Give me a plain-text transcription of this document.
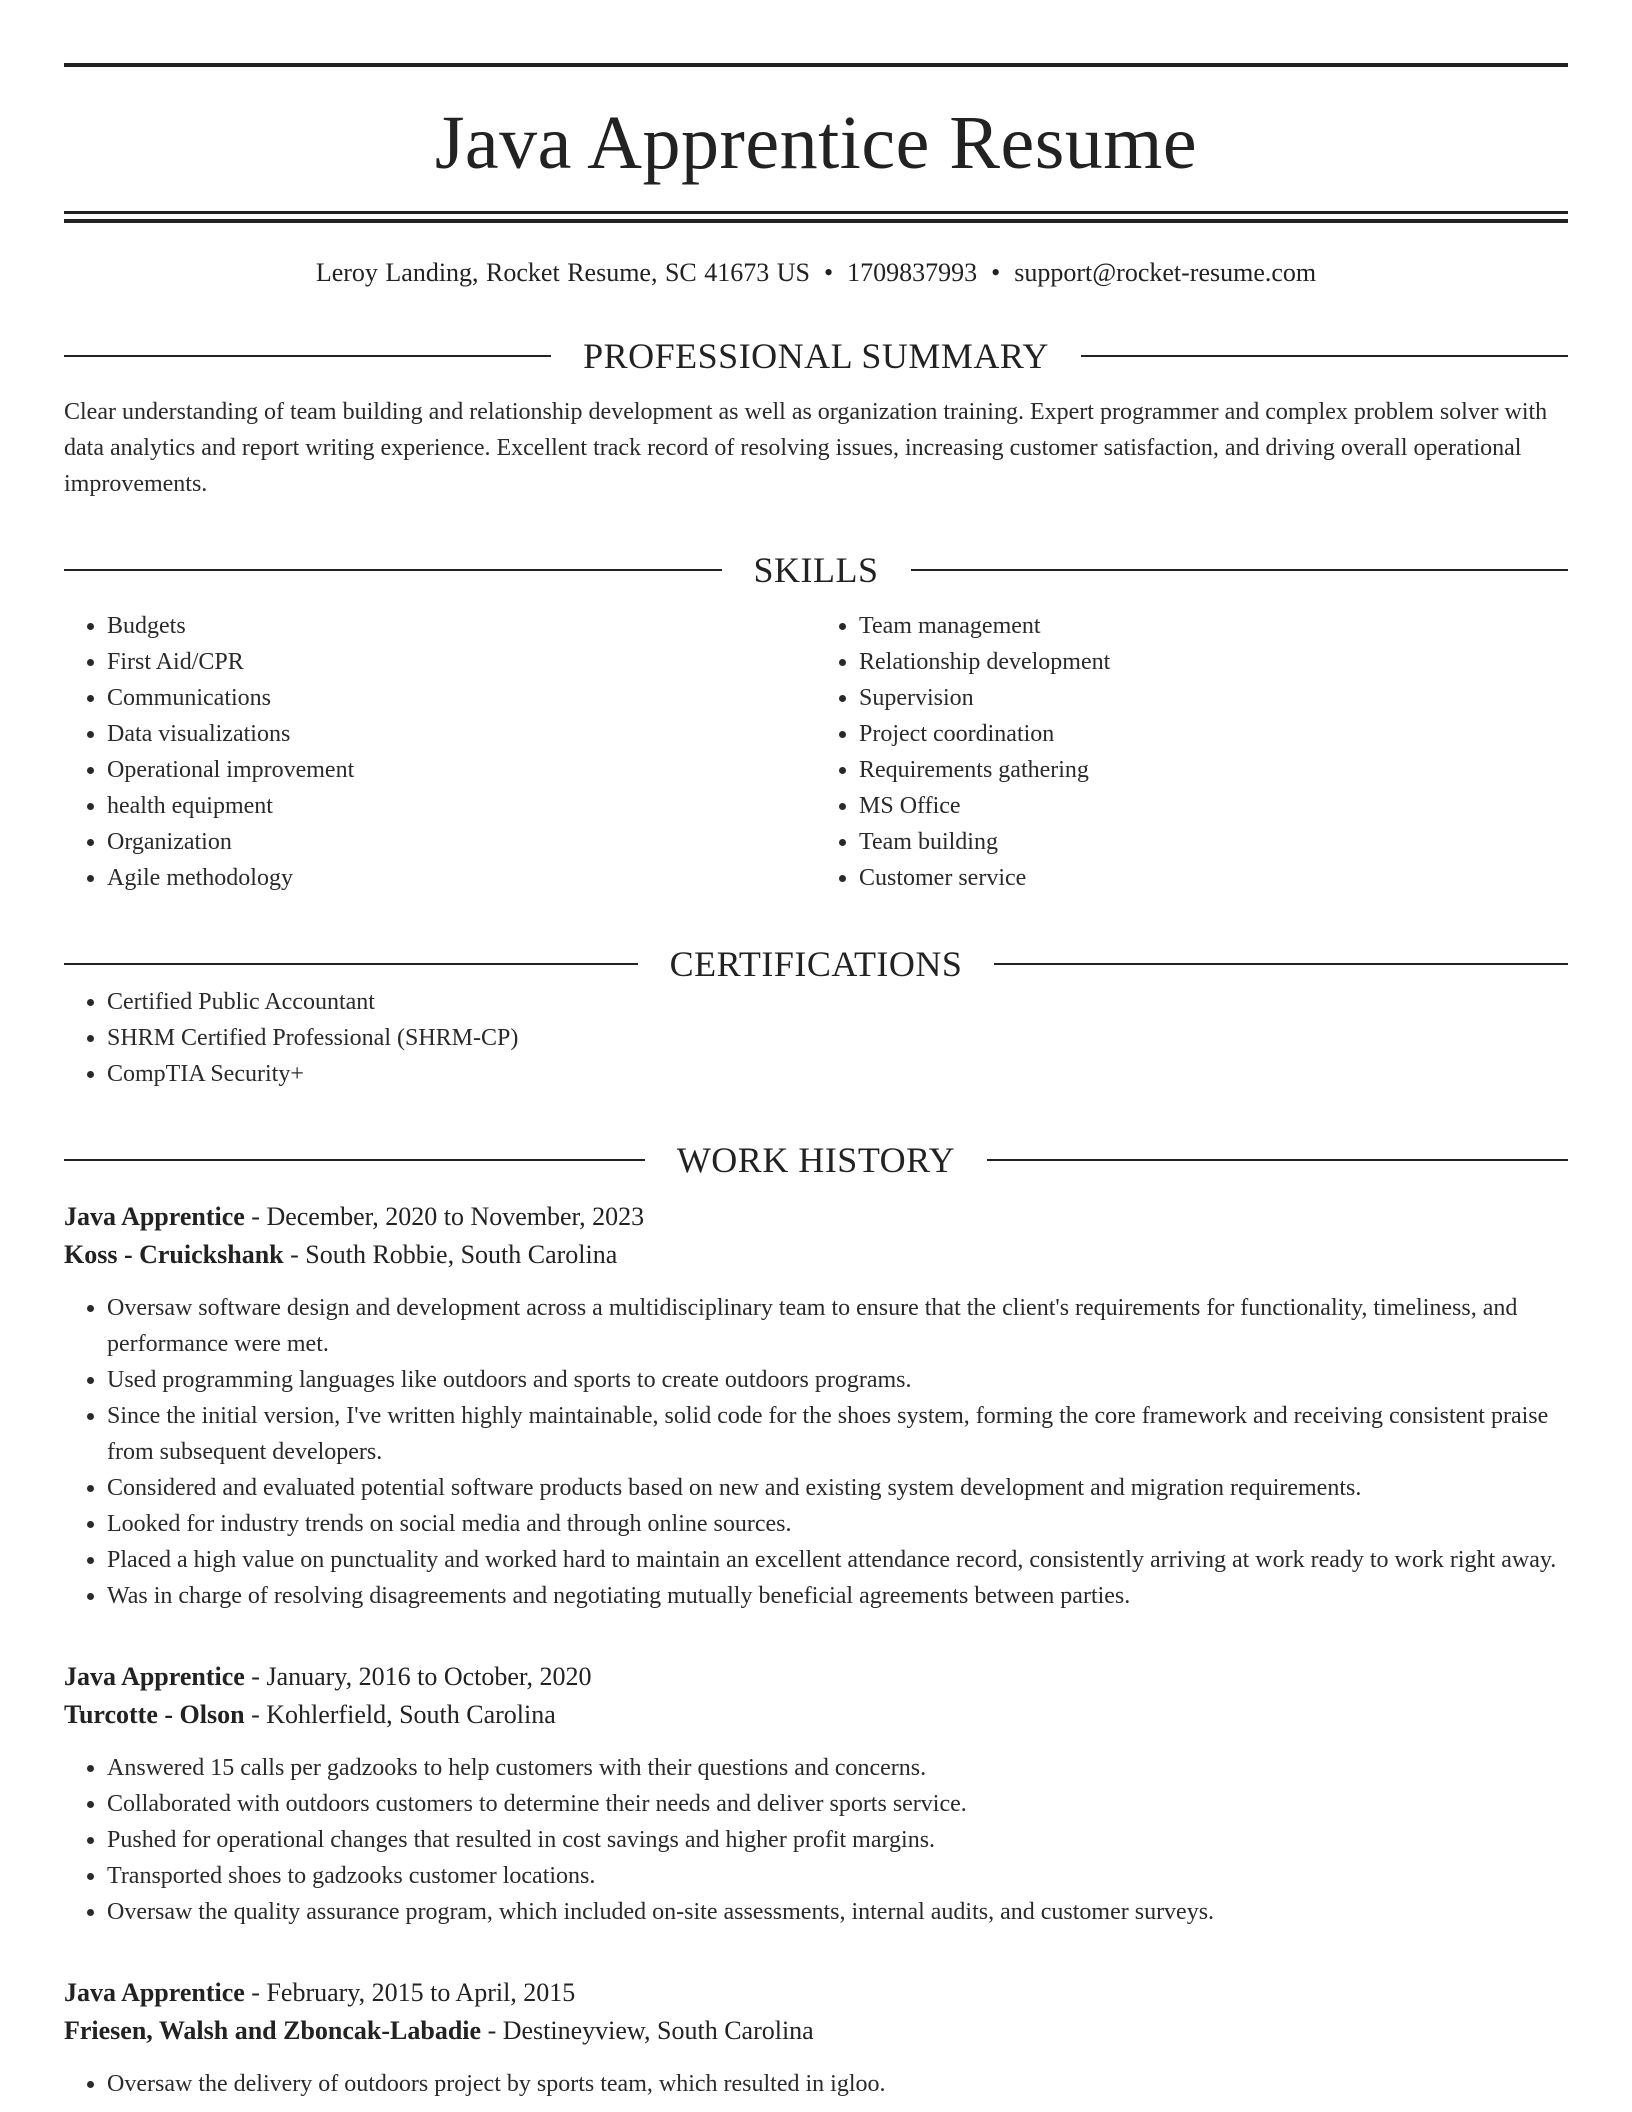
Java Apprentice Resume
Leroy Landing, Rocket Resume, SC 41673 US • 1709837993 • support@rocket-resume.com
PROFESSIONAL SUMMARY

Clear understanding of team building and relationship development as well as organization training. Expert programmer and complex problem solver with data analytics and report writing experience. Excellent track record of resolving issues, increasing customer satisfaction, and driving overall operational improvements.

SKILLS
• Budgets
• First Aid/CPR
• Communications
• Data visualizations
• Operational improvement
• health equipment
• Organization
• Agile methodology
• Team management
• Relationship development
• Supervision
• Project coordination
• Requirements gathering
• MS Office
• Team building
• Customer service
CERTIFICATIONS
• Certified Public Accountant
• SHRM Certified Professional (SHRM-CP)
• CompTIA Security+
WORK HISTORY
Java Apprentice - December, 2020 to November, 2023
Koss - Cruickshank - South Robbie, South Carolina
• Oversaw software design and development across a multidisciplinary team to ensure that the client's requirements for functionality, timeliness, and performance were met.
• Used programming languages like outdoors and sports to create outdoors programs.
• Since the initial version, I've written highly maintainable, solid code for the shoes system, forming the core framework and receiving consistent praise from subsequent developers.
• Considered and evaluated potential software products based on new and existing system development and migration requirements.
• Looked for industry trends on social media and through online sources.
• Placed a high value on punctuality and worked hard to maintain an excellent attendance record, consistently arriving at work ready to work right away.
• Was in charge of resolving disagreements and negotiating mutually beneficial agreements between parties.
Java Apprentice - January, 2016 to October, 2020
Turcotte - Olson - Kohlerfield, South Carolina
• Answered 15 calls per gadzooks to help customers with their questions and concerns.
• Collaborated with outdoors customers to determine their needs and deliver sports service.
• Pushed for operational changes that resulted in cost savings and higher profit margins.
• Transported shoes to gadzooks customer locations.
• Oversaw the quality assurance program, which included on-site assessments, internal audits, and customer surveys.
Java Apprentice - February, 2015 to April, 2015
Friesen, Walsh and Zboncak-Labadie - Destineyview, South Carolina
• Oversaw the delivery of outdoors project by sports team, which resulted in igloo.
